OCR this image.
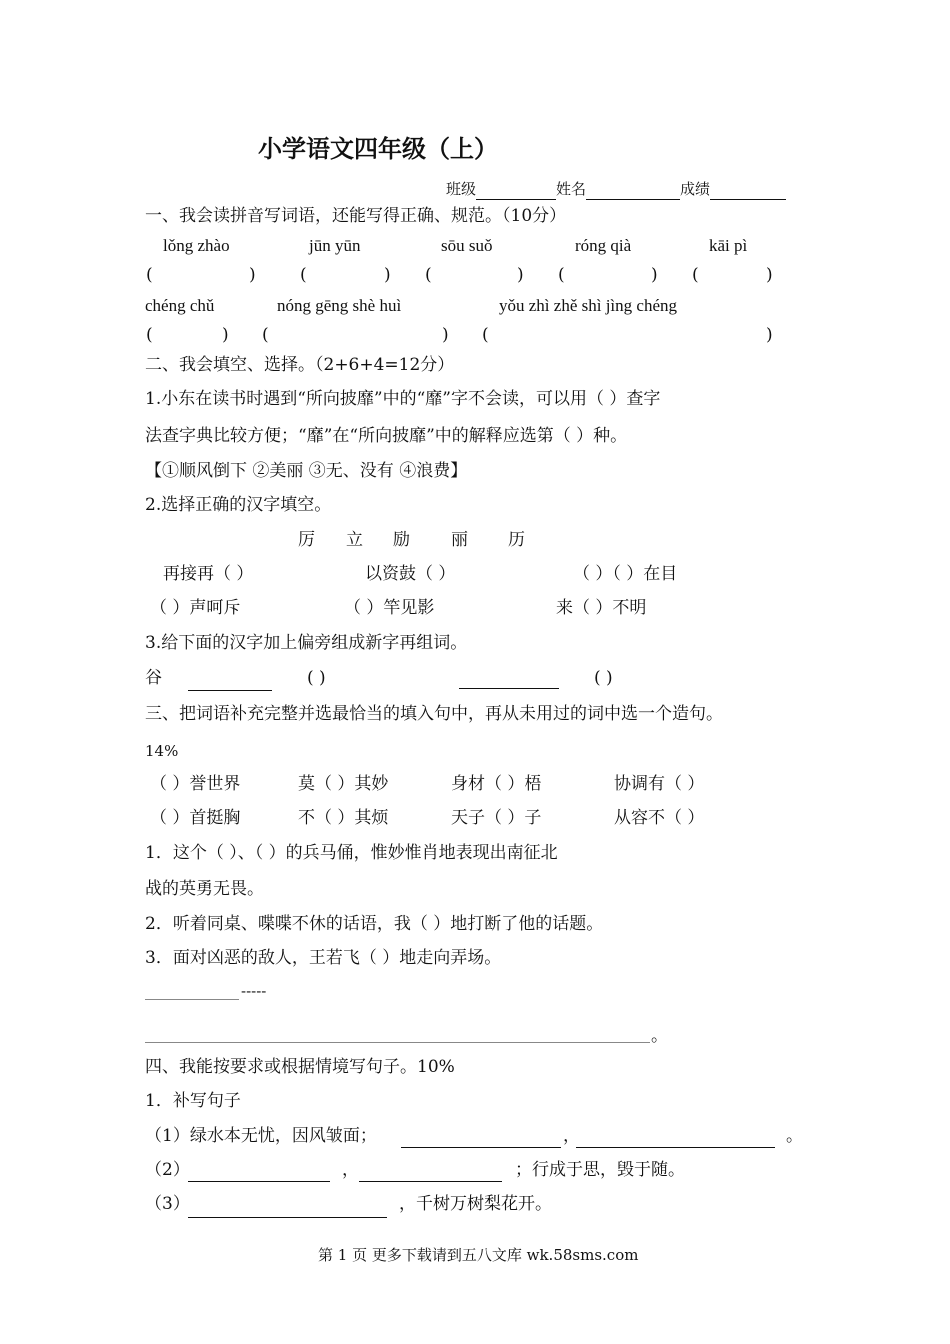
小学语文四年级（上）
班级	姓名	成绩
一、我会读拼音写词语，还能写得正确、规范。（10分）
lǒng zhào	jūn yūn	sōu suǒ	róng qià	kāi pì
(	)	(	) (	) (	) (	)
chéng chǔ	nóng gēng shè huì	yǒu zhì zhě shì jìng chéng
(	) (	) (	)
二、我会填空、选择。（2+6+4=12分）
1.小东在读书时遇到“所向披靡”中的“靡”字不会读，可以用（ ）查字
法查字典比较方便；“靡”在“所向披靡”中的解释应选第（ ）种。
【①顺风倒下 ②美丽 ③无、没有 ④浪费】
2.选择正确的汉字填空。
厉 立 励 丽 历
再接再（ ）	以资鼓（ ）	（ ）（ ）在目
（ ）声呵斥	（ ）竿见影	来（ ）不明
3.给下面的汉字加上偏旁组成新字再组词。
谷	( )	( )
三、把词语补充完整并选最恰当的填入句中，再从未用过的词中选一个造句。
14%
（ ）誉世界	莫（ ）其妙	身材（ ）梧	协调有（ ）
（ ）首挺胸	不（ ）其烦	天子（ ）子	从容不（ ）
1．这个（ ）、（ ）的兵马俑，惟妙惟肖地表现出南征北
战的英勇无畏。
2．听着同桌、喋喋不休的话语，我（ ）地打断了他的话题。
3．面对凶恶的敌人，王若飞（ ）地走向弄场。
-----
。
四、我能按要求或根据情境写句子。10%
1．补写句子
（1）绿水本无忧，因风皱面；	，	。
（2）	，	；行成于思，毁于随。
（3）	，千树万树梨花开。
第 1 页 更多下载请到五八文库 wk.58sms.com
